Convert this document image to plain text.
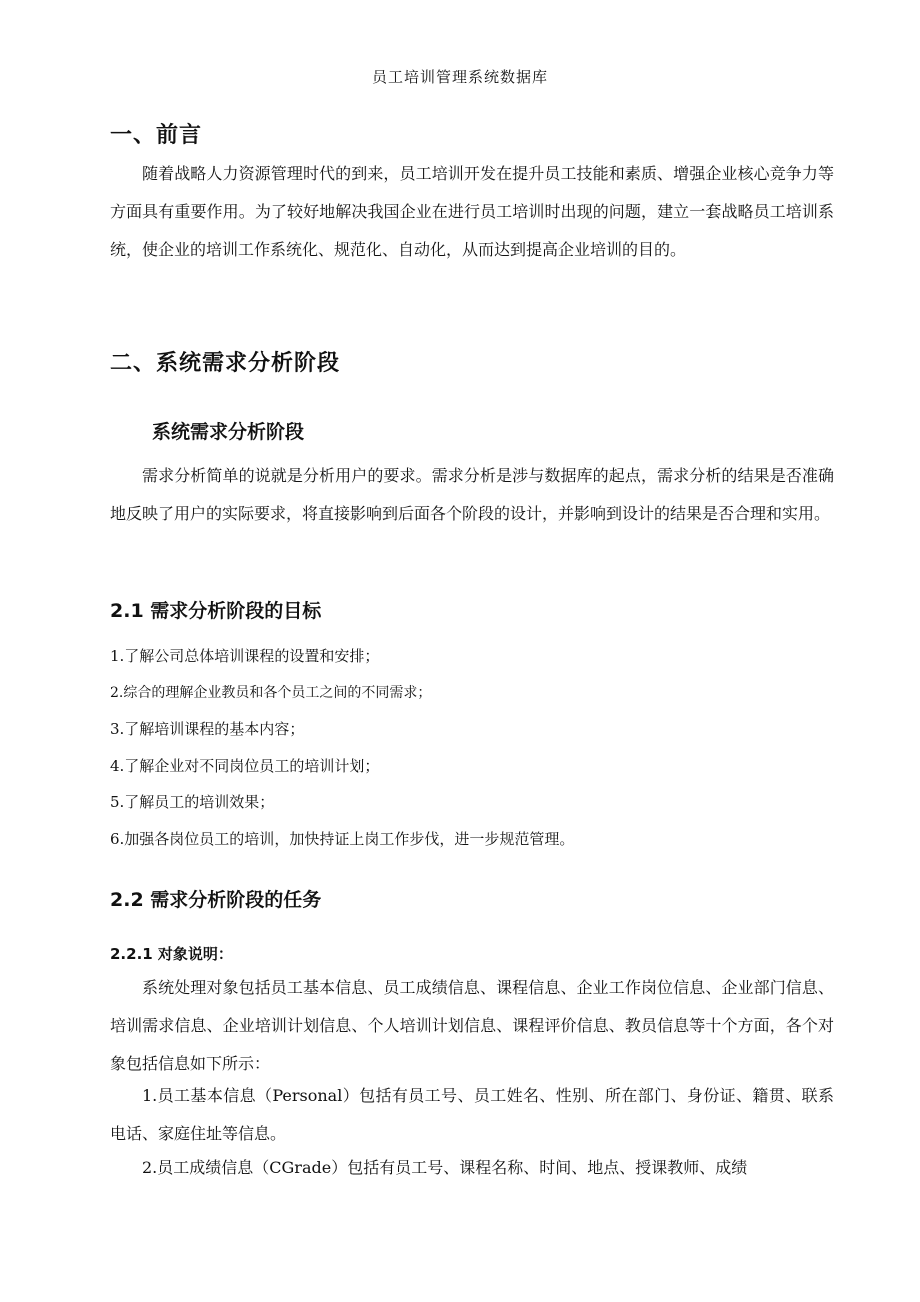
员工培训管理系统数据库
一、前言

随着战略人力资源管理时代的到来，员工培训开发在提升员工技能和素质、增强企业核心竞争力等方面具有重要作用。为了较好地解决我国企业在进行员工培训时出现的问题，建立一套战略员工培训系统，使企业的培训工作系统化、规范化、自动化，从而达到提高企业培训的目的。

二、系统需求分析阶段
系统需求分析阶段

需求分析简单的说就是分析用户的要求。需求分析是涉与数据库的起点，需求分析的结果是否准确地反映了用户的实际要求，将直接影响到后面各个阶段的设计，并影响到设计的结果是否合理和实用。

2.1 需求分析阶段的目标
1.了解公司总体培训课程的设置和安排；
2.综合的理解企业教员和各个员工之间的不同需求；
3.了解培训课程的基本内容；
4.了解企业对不同岗位员工的培训计划；
5.了解员工的培训效果；
6.加强各岗位员工的培训，加快持证上岗工作步伐，进一步规范管理。
2.2 需求分析阶段的任务
2.2.1 对象说明：

系统处理对象包括员工基本信息、员工成绩信息、课程信息、企业工作岗位信息、企业部门信息、培训需求信息、企业培训计划信息、个人培训计划信息、课程评价信息、教员信息等十个方面，各个对象包括信息如下所示：

1.员工基本信息（Personal）包括有员工号、员工姓名、性别、所在部门、身份证、籍贯、联系电话、家庭住址等信息。

2.员工成绩信息（CGrade）包括有员工号、课程名称、时间、地点、授课教师、成绩
